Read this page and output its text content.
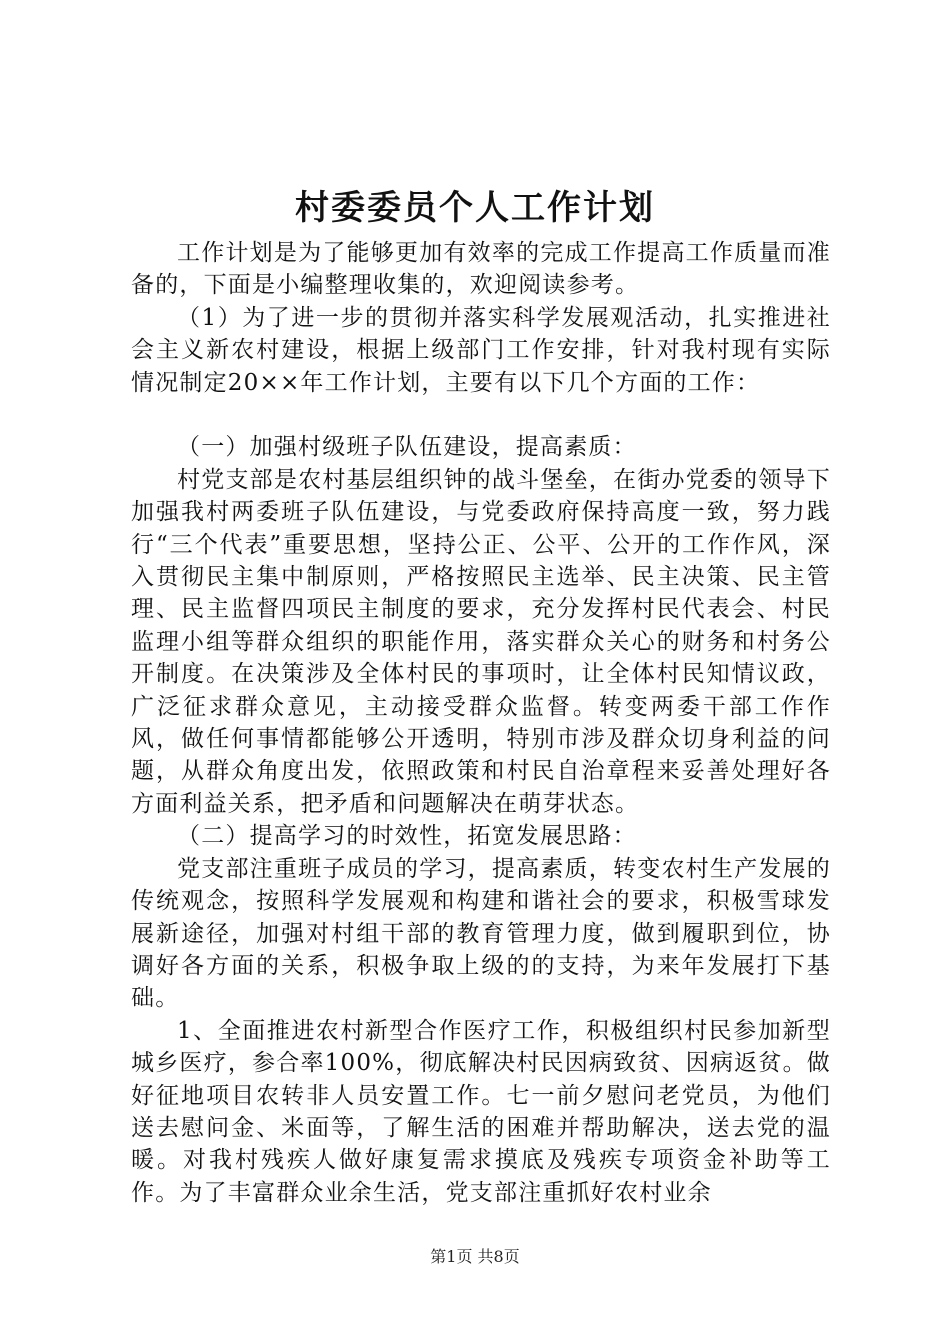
村委委员个人工作计划

工作计划是为了能够更加有效率的完成工作提高工作质量而准备的，下面是小编整理收集的，欢迎阅读参考。

（1）为了进一步的贯彻并落实科学发展观活动，扎实推进社会主义新农村建设，根据上级部门工作安排，针对我村现有实际情况制定20××年工作计划，主要有以下几个方面的工作：

（一）加强村级班子队伍建设，提高素质：

村党支部是农村基层组织钟的战斗堡垒，在街办党委的领导下加强我村两委班子队伍建设，与党委政府保持高度一致，努力践行“三个代表”重要思想，坚持公正、公平、公开的工作作风，深入贯彻民主集中制原则，严格按照民主选举、民主决策、民主管理、民主监督四项民主制度的要求，充分发挥村民代表会、村民监理小组等群众组织的职能作用，落实群众关心的财务和村务公开制度。在决策涉及全体村民的事项时，让全体村民知情议政，广泛征求群众意见，主动接受群众监督。转变两委干部工作作风，做任何事情都能够公开透明，特别市涉及群众切身利益的问题，从群众角度出发，依照政策和村民自治章程来妥善处理好各方面利益关系，把矛盾和问题解决在萌芽状态。

（二）提高学习的时效性，拓宽发展思路：

党支部注重班子成员的学习，提高素质，转变农村生产发展的传统观念，按照科学发展观和构建和谐社会的要求，积极雪球发展新途径，加强对村组干部的教育管理力度，做到履职到位，协调好各方面的关系，积极争取上级的的支持，为来年发展打下基础。

1、全面推进农村新型合作医疗工作，积极组织村民参加新型城乡医疗，参合率100%，彻底解决村民因病致贫、因病返贫。做好征地项目农转非人员安置工作。七一前夕慰问老党员，为他们送去慰问金、米面等，了解生活的困难并帮助解决，送去党的温暖。对我村残疾人做好康复需求摸底及残疾专项资金补助等工作。为了丰富群众业余生活，党支部注重抓好农村业余

第1页 共8页
